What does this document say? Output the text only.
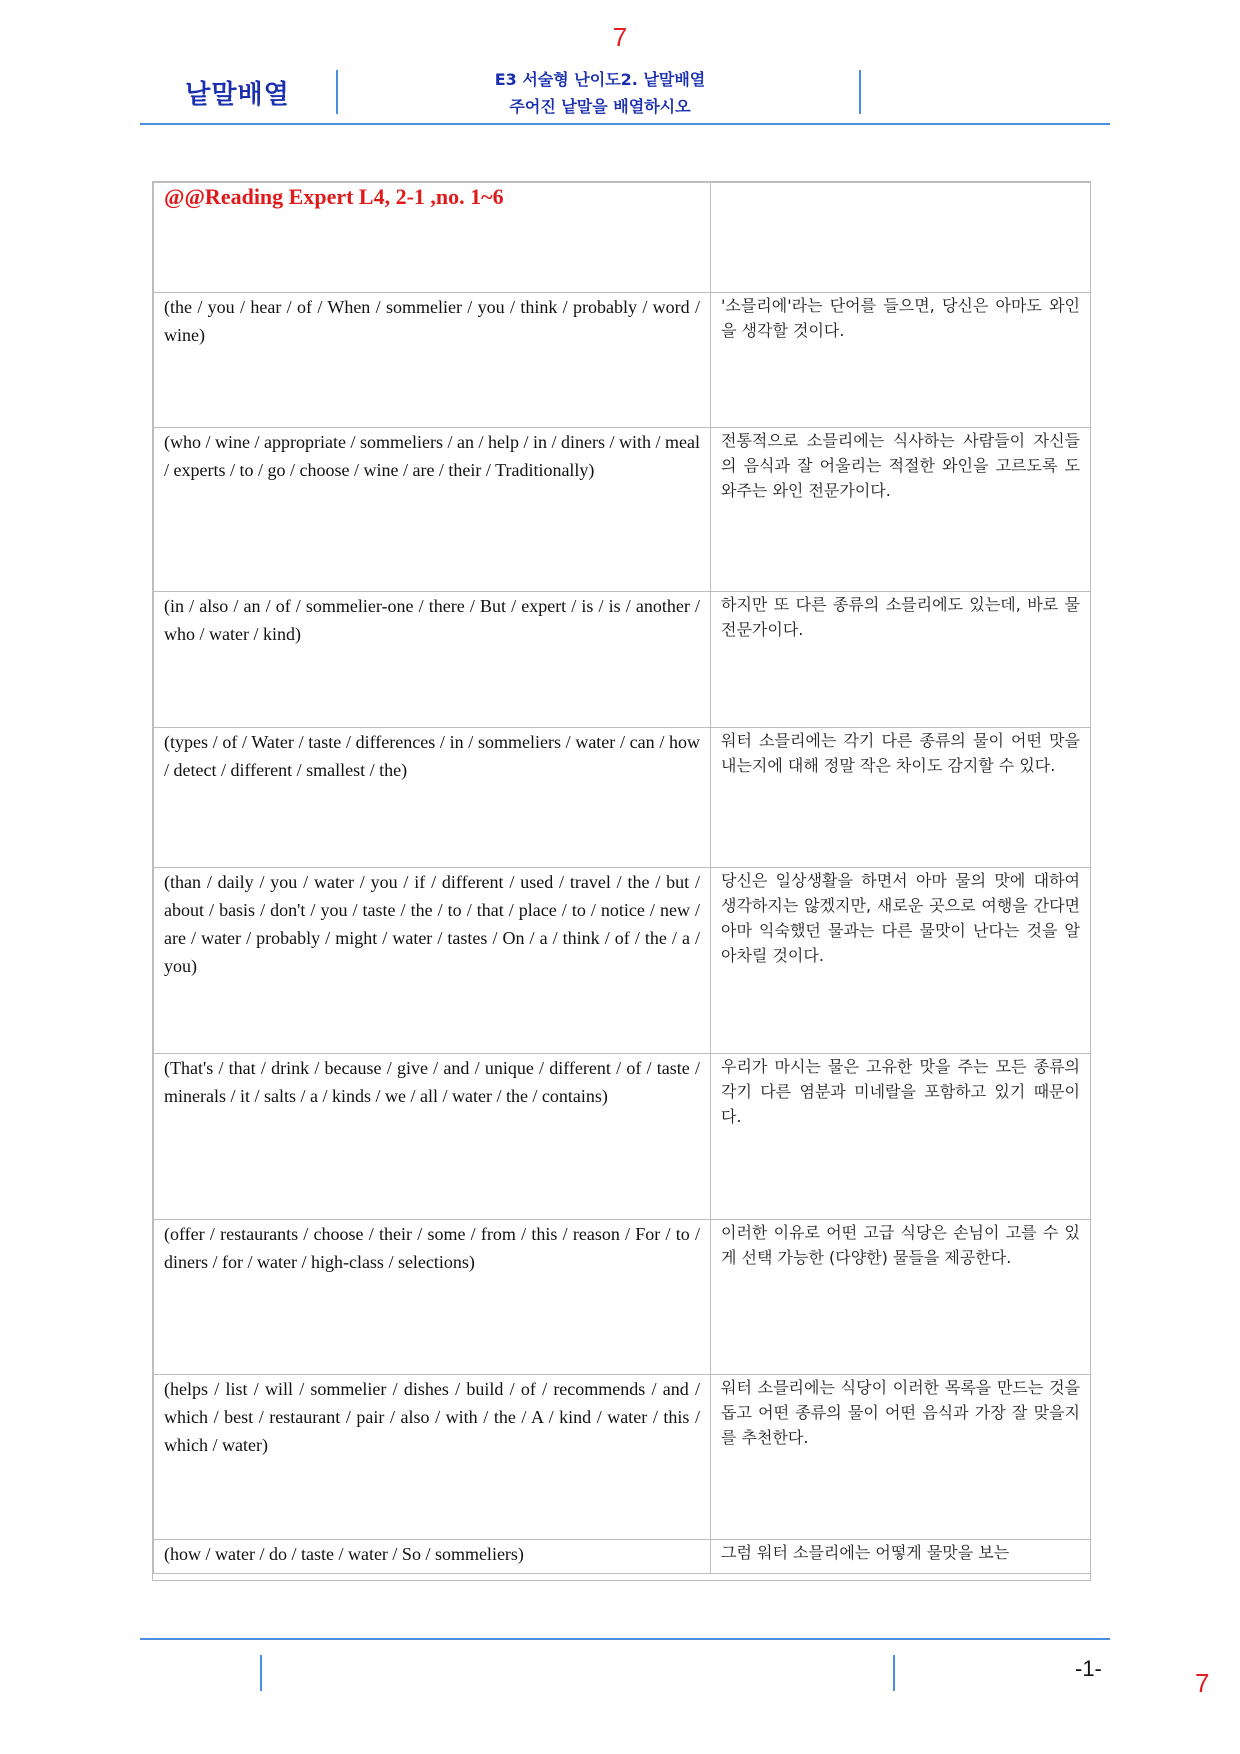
7
낱말배열
E3 서술형 난이도2. 낱말배열
주어진 낱말을 배열하시오
@@Reading Expert L4, 2-1 ,no. 1~6	
(the / you / hear / of / When / sommelier / you / think / probably / word / wine)	'소믈리에'라는 단어를 들으면, 당신은 아마도 와인을 생각할 것이다.
(who / wine / appropriate / sommeliers / an / help / in / diners / with / meal / experts / to / go / choose / wine / are / their / Traditionally)	전통적으로 소믈리에는 식사하는 사람들이 자신들의 음식과 잘 어울리는 적절한 와인을 고르도록 도와주는 와인 전문가이다.
(in / also / an / of / sommelier-one / there / But / expert / is / is / another / who / water / kind)	하지만 또 다른 종류의 소믈리에도 있는데, 바로 물 전문가이다.
(types / of / Water / taste / differences / in / sommeliers / water / can / how / detect / different / smallest / the)	워터 소믈리에는 각기 다른 종류의 물이 어떤 맛을 내는지에 대해 정말 작은 차이도 감지할 수 있다.
(than / daily / you / water / you / if / different / used / travel / the / but / about / basis / don't / you / taste / the / to / that / place / to / notice / new / are / water / probably / might / water / tastes / On / a / think / of / the / a / you)	당신은 일상생활을 하면서 아마 물의 맛에 대하여 생각하지는 않겠지만, 새로운 곳으로 여행을 간다면 아마 익숙했던 물과는 다른 물맛이 난다는 것을 알아차릴 것이다.
(That's / that / drink / because / give / and / unique / different / of / taste / minerals / it / salts / a / kinds / we / all / water / the / contains)	우리가 마시는 물은 고유한 맛을 주는 모든 종류의 각기 다른 염분과 미네랄을 포함하고 있기 때문이다.
(offer / restaurants / choose / their / some / from / this / reason / For / to / diners / for / water / high-class / selections)	이러한 이유로 어떤 고급 식당은 손님이 고를 수 있게 선택 가능한 (다양한) 물들을 제공한다.
(helps / list / will / sommelier / dishes / build / of / recommends / and / which / best / restaurant / pair / also / with / the / A / kind / water / this / which / water)	워터 소믈리에는 식당이 이러한 목록을 만드는 것을 돕고 어떤 종류의 물이 어떤 음식과 가장 잘 맞을지를 추천한다.
(how / water / do / taste / water / So / sommeliers)	그럼 워터 소믈리에는 어떻게 물맛을 보는
-1-	7
